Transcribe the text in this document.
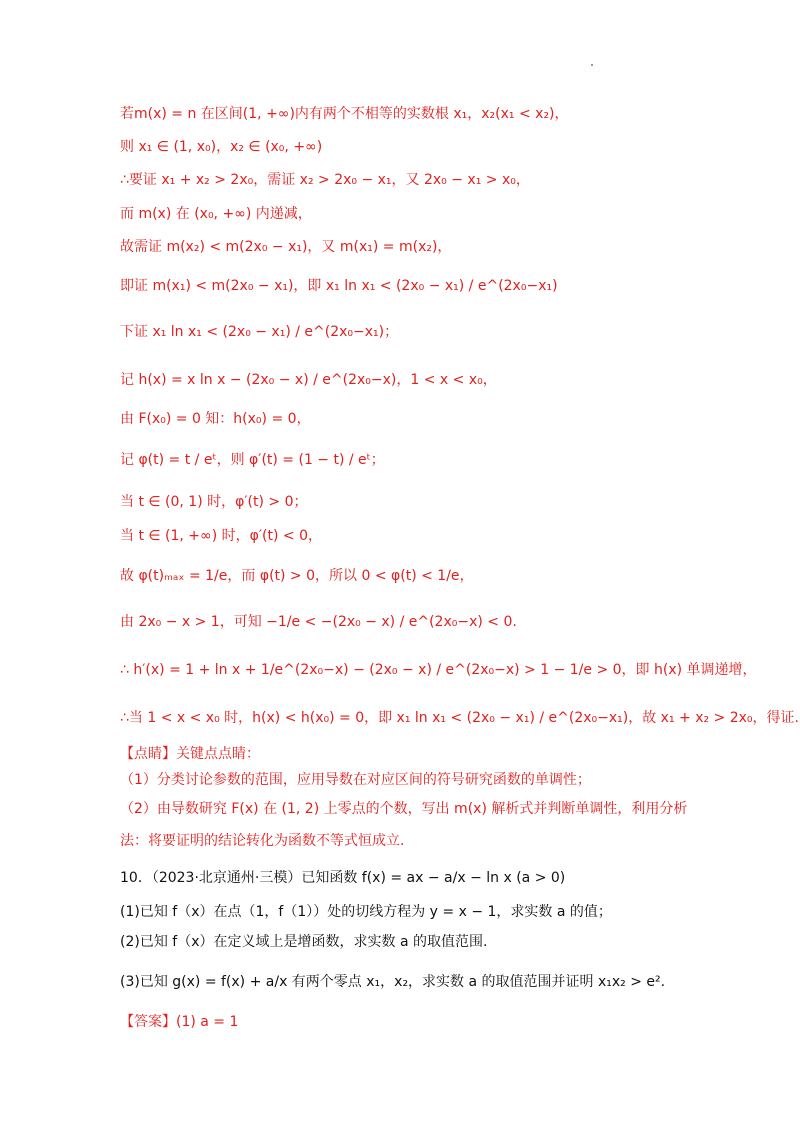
若m(x) = n 在区间(1, +∞)内有两个不相等的实数根 x₁，x₂(x₁ < x₂)，
则 x₁ ∈ (1, x₀)，x₂ ∈ (x₀, +∞)
∴要证 x₁ + x₂ > 2x₀，需证 x₂ > 2x₀ − x₁，又 2x₀ − x₁ > x₀，
而 m(x) 在 (x₀, +∞) 内递减，
故需证 m(x₂) < m(2x₀ − x₁)，又 m(x₁) = m(x₂)，
即证 m(x₁) < m(2x₀ − x₁)，即 x₁ ln x₁ < (2x₀ − x₁) / e^(2x₀−x₁)
下证 x₁ ln x₁ < (2x₀ − x₁) / e^(2x₀−x₁)；
记 h(x) = x ln x − (2x₀ − x) / e^(2x₀−x)，1 < x < x₀，
由 F(x₀) = 0 知：h(x₀) = 0，
记 φ(t) = t / eᵗ，则 φ′(t) = (1 − t) / eᵗ；
当 t ∈ (0, 1) 时，φ′(t) > 0；
当 t ∈ (1, +∞) 时，φ′(t) < 0，
故 φ(t)ₘₐₓ = 1/e，而 φ(t) > 0，所以 0 < φ(t) < 1/e，
由 2x₀ − x > 1，可知 −1/e < −(2x₀ − x) / e^(2x₀−x) < 0.
∴ h′(x) = 1 + ln x + 1/e^(2x₀−x) − (2x₀ − x) / e^(2x₀−x) > 1 − 1/e > 0，即 h(x) 单调递增，
∴当 1 < x < x₀ 时，h(x) < h(x₀) = 0，即 x₁ ln x₁ < (2x₀ − x₁) / e^(2x₀−x₁)，故 x₁ + x₂ > 2x₀，得证.
【点睛】关键点点睛：
（1）分类讨论参数的范围，应用导数在对应区间的符号研究函数的单调性；
（2）由导数研究 F(x) 在 (1, 2) 上零点的个数，写出 m(x) 解析式并判断单调性，利用分析
法：将要证明的结论转化为函数不等式恒成立.
10．（2023·北京通州·三模）已知函数 f(x) = ax − a/x − ln x (a > 0)
(1)已知 f（x）在点（1，f（1））处的切线方程为 y = x − 1，求实数 a 的值；
(2)已知 f（x）在定义域上是增函数，求实数 a 的取值范围.
(3)已知 g(x) = f(x) + a/x 有两个零点 x₁，x₂，求实数 a 的取值范围并证明 x₁x₂ > e².
【答案】(1) a = 1
